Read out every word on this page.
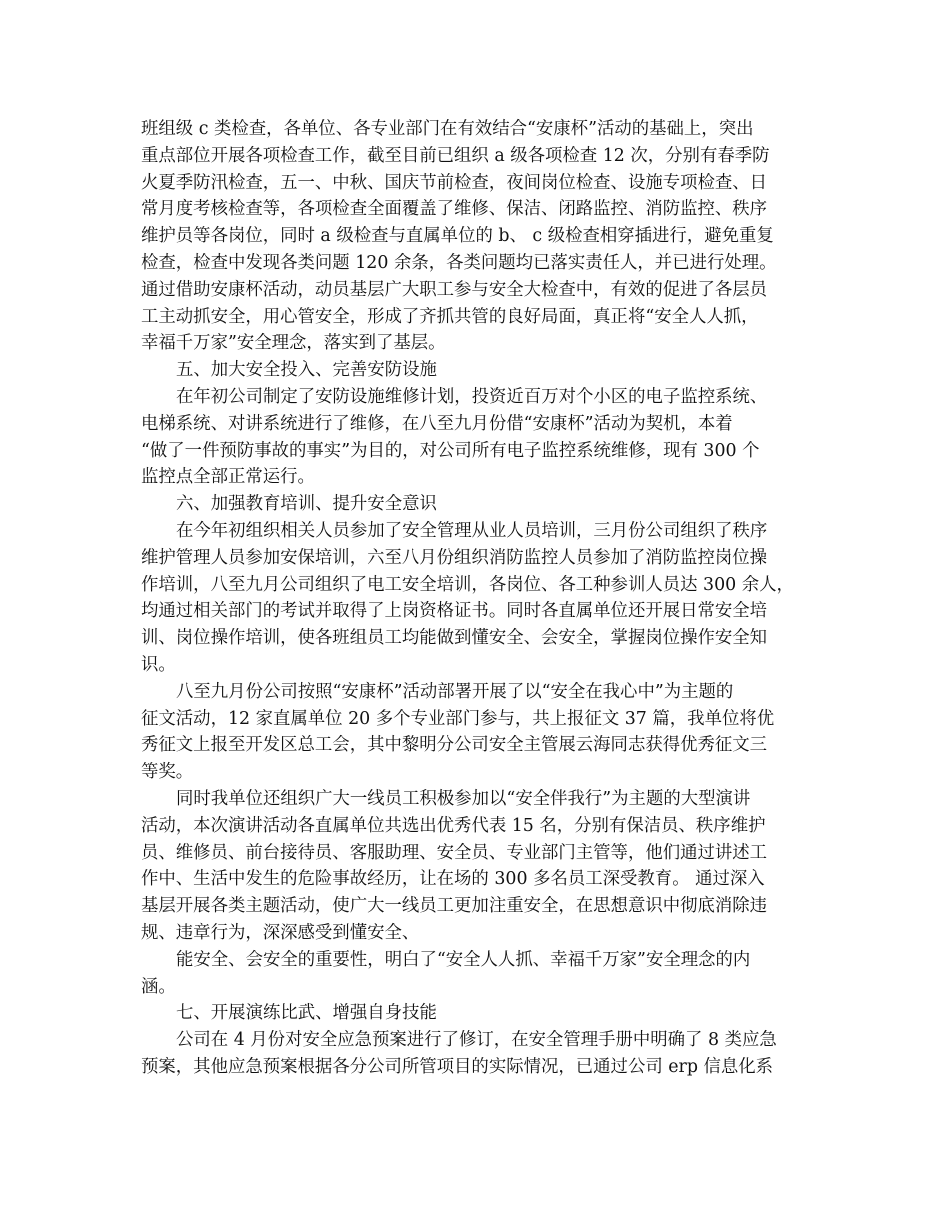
班组级 c 类检查，各单位、各专业部门在有效结合“安康杯”活动的基础上，突出
重点部位开展各项检查工作，截至目前已组织 a 级各项检查 12 次，分别有春季防
火夏季防汛检查，五一、中秋、国庆节前检查，夜间岗位检查、设施专项检查、日
常月度考核检查等，各项检查全面覆盖了维修、保洁、闭路监控、消防监控、秩序
维护员等各岗位，同时 a 级检查与直属单位的 b、 c 级检查相穿插进行，避免重复
检查，检查中发现各类问题 120 余条，各类问题均已落实责任人，并已进行处理。
通过借助安康杯活动，动员基层广大职工参与安全大检查中，有效的促进了各层员
工主动抓安全，用心管安全，形成了齐抓共管的良好局面，真正将“安全人人抓，
幸福千万家”安全理念，落实到了基层。
五、加大安全投入、完善安防设施
在年初公司制定了安防设施维修计划，投资近百万对个小区的电子监控系统、
电梯系统、对讲系统进行了维修，在八至九月份借“安康杯”活动为契机，本着
“做了一件预防事故的事实”为目的，对公司所有电子监控系统维修，现有 300 个
监控点全部正常运行。
六、加强教育培训、提升安全意识
在今年初组织相关人员参加了安全管理从业人员培训，三月份公司组织了秩序
维护管理人员参加安保培训，六至八月份组织消防监控人员参加了消防监控岗位操
作培训，八至九月公司组织了电工安全培训，各岗位、各工种参训人员达 300 余人，
均通过相关部门的考试并取得了上岗资格证书。同时各直属单位还开展日常安全培
训、岗位操作培训，使各班组员工均能做到懂安全、会安全，掌握岗位操作安全知
识。
八至九月份公司按照“安康杯”活动部署开展了以“安全在我心中”为主题的
征文活动，12 家直属单位 20 多个专业部门参与，共上报征文 37 篇，我单位将优
秀征文上报至开发区总工会，其中黎明分公司安全主管展云海同志获得优秀征文三
等奖。
同时我单位还组织广大一线员工积极参加以“安全伴我行”为主题的大型演讲
活动，本次演讲活动各直属单位共选出优秀代表 15 名，分别有保洁员、秩序维护
员、维修员、前台接待员、客服助理、安全员、专业部门主管等，他们通过讲述工
作中、生活中发生的危险事故经历，让在场的 300 多名员工深受教育。 通过深入
基层开展各类主题活动，使广大一线员工更加注重安全，在思想意识中彻底消除违
规、违章行为，深深感受到懂安全、
能安全、会安全的重要性，明白了“安全人人抓、幸福千万家”安全理念的内
涵。
七、开展演练比武、增强自身技能
公司在 4 月份对安全应急预案进行了修订，在安全管理手册中明确了 8 类应急
预案，其他应急预案根据各分公司所管项目的实际情况，已通过公司 erp 信息化系
